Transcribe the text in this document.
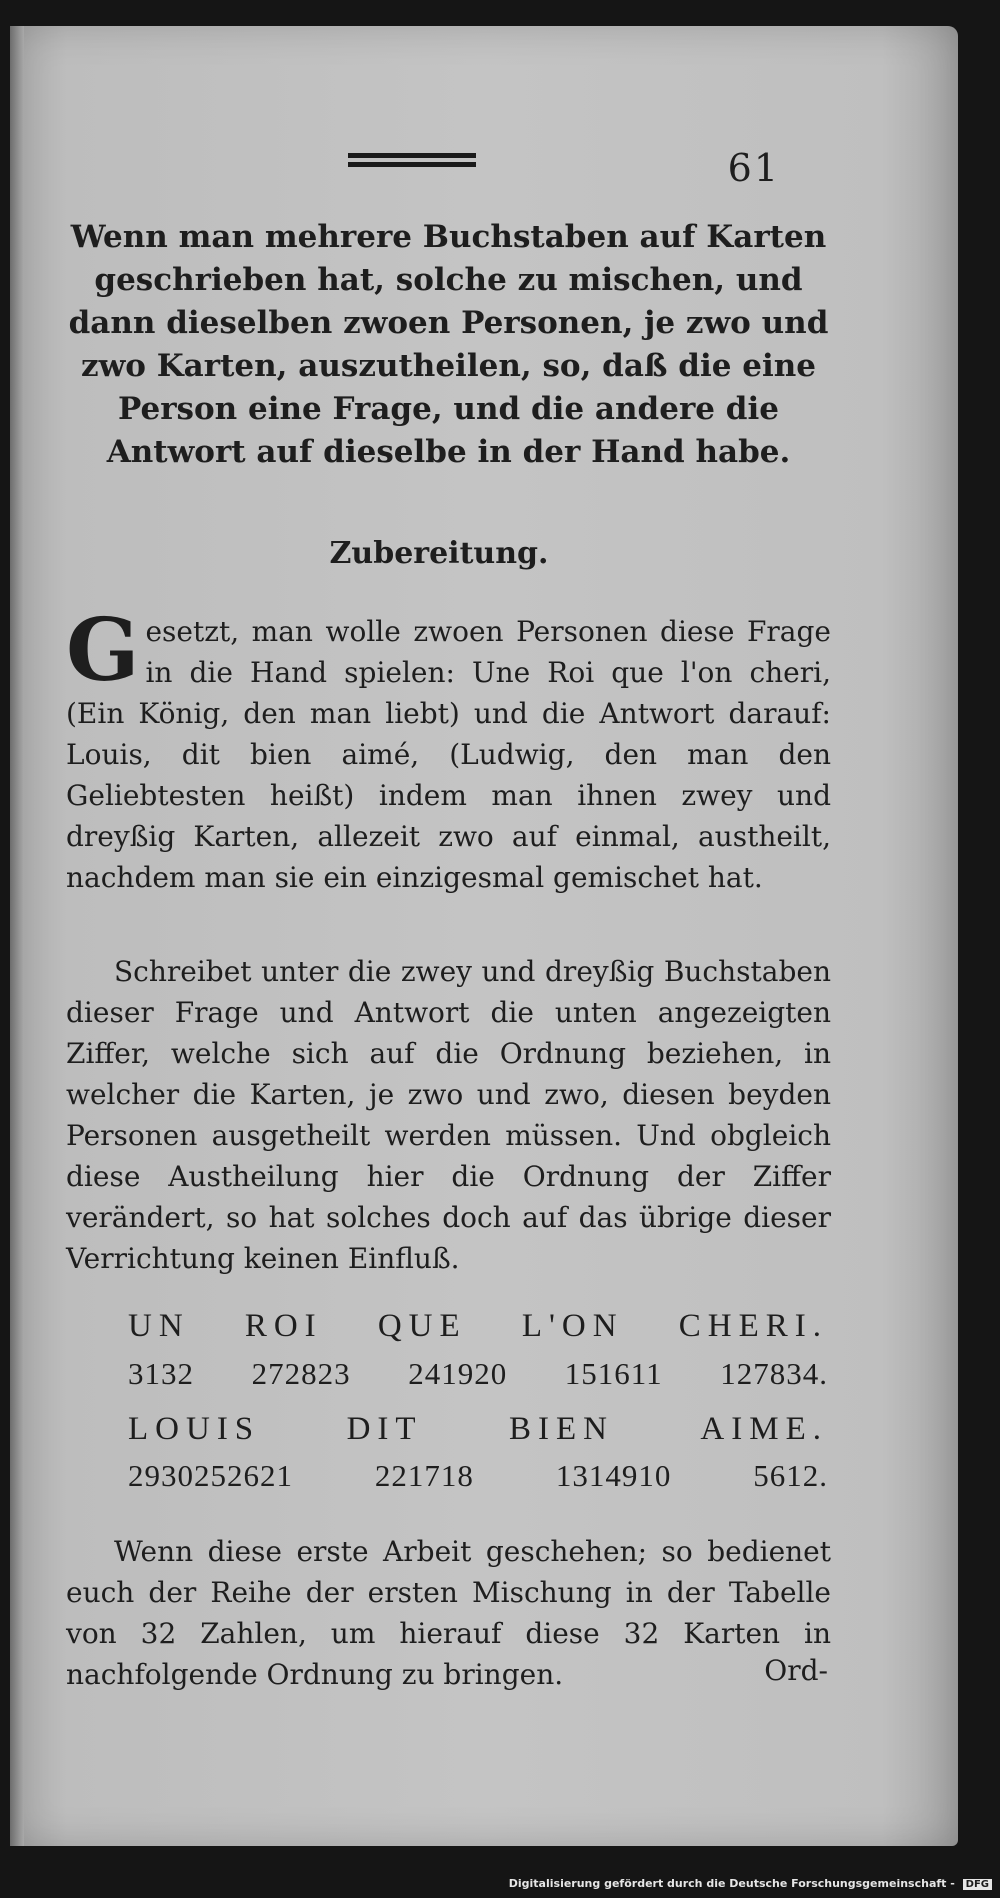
61
Wenn man mehrere Buchstaben auf Karten geschrieben hat, solche zu mischen, und dann dieselben zwoen Personen, je zwo und zwo Karten, auszutheilen, so, daß die eine Person eine Frage, und die andere die Antwort auf dieselbe in der Hand habe.
Zubereitung.
G esetzt, man wolle zwoen Personen diese Frage in die Hand spielen: Une Roi que l'on cheri, (Ein König, den man liebt) und die Antwort darauf: Louis, dit bien aimé, (Ludwig, den man den Geliebtesten heißt) indem man ihnen zwey und dreyßig Karten, allezeit zwo auf einmal, austheilt, nachdem man sie ein einzigesmal gemischet hat.
Schreibet unter die zwey und dreyßig Buchstaben dieser Frage und Antwort die unten angezeigten Ziffer, welche sich auf die Ordnung beziehen, in welcher die Karten, je zwo und zwo, diesen beyden Personen ausgetheilt werden müssen. Und obgleich diese Austheilung hier die Ordnung der Ziffer verändert, so hat solches doch auf das übrige dieser Verrichtung keinen Einfluß.
UN ROI QUE L'ON CHERI.
3132 272823 241920 151611 127834.
LOUIS	DIT	BIEN	AIME.
2930252621	221718	1314910	5612.
Wenn diese erste Arbeit geschehen; so bedienet euch der Reihe der ersten Mischung in der Tabelle von 32 Zahlen, um hierauf diese 32 Karten in nachfolgende Ordnung zu bringen.	Ord-
Digitalisierung gefördert durch die Deutsche Forschungsgemeinschaft - DFG
